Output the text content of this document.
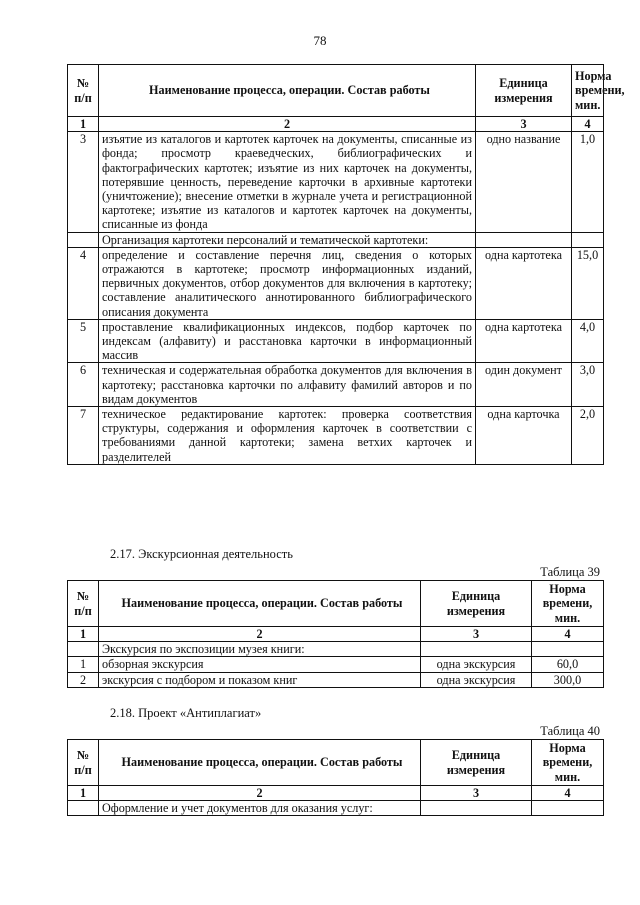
78
№ п/п	Наименование процесса, операции. Состав работы	Единица измерения	Норма времени, мин.
1	2	3	4
3	изъятие из каталогов и картотек карточек на документы, списанные из фонда; просмотр краеведческих, библиографических и фактографических картотек; изъятие из них карточек на документы, потерявшие ценность, переведение карточки в архивные картотеки (уничтожение); внесение отметки в журнале учета и регистрационной картотеке; изъятие из каталогов и картотек карточек на документы, списанные из фонда	одно название	1,0
	Организация картотеки персоналий и тематической картотеки:		
4	определение и составление перечня лиц, сведения о которых отражаются в картотеке; просмотр информационных изданий, первичных документов, отбор документов для включения в картотеку; составление аналитического аннотированного библиографического описания документа	одна картотека	15,0
5	проставление квалификационных индексов, подбор карточек по индексам (алфавиту) и расстановка карточки в информационный массив	одна картотека	4,0
6	техническая и содержательная обработка документов для включения в картотеку; расстановка карточки по алфавиту фамилий авторов и по видам документов	один документ	3,0
7	техническое редактирование картотек: проверка соответствия структуры, содержания и оформления карточек в соответствии с требованиями данной картотеки; замена ветхих карточек и разделителей	одна карточка	2,0
2.17. Экскурсионная деятельность
Таблица 39
№ п/п	Наименование процесса, операции. Состав работы	Единица измерения	Норма времени, мин.
1	2	3	4
	Экскурсия по экспозиции музея книги:		
1	обзорная экскурсия	одна экскурсия	60,0
2	экскурсия с подбором и показом книг	одна экскурсия	300,0
2.18. Проект «Антиплагиат»
Таблица 40
№ п/п	Наименование процесса, операции. Состав работы	Единица измерения	Норма времени, мин.
1	2	3	4
	Оформление и учет документов для оказания услуг:		
